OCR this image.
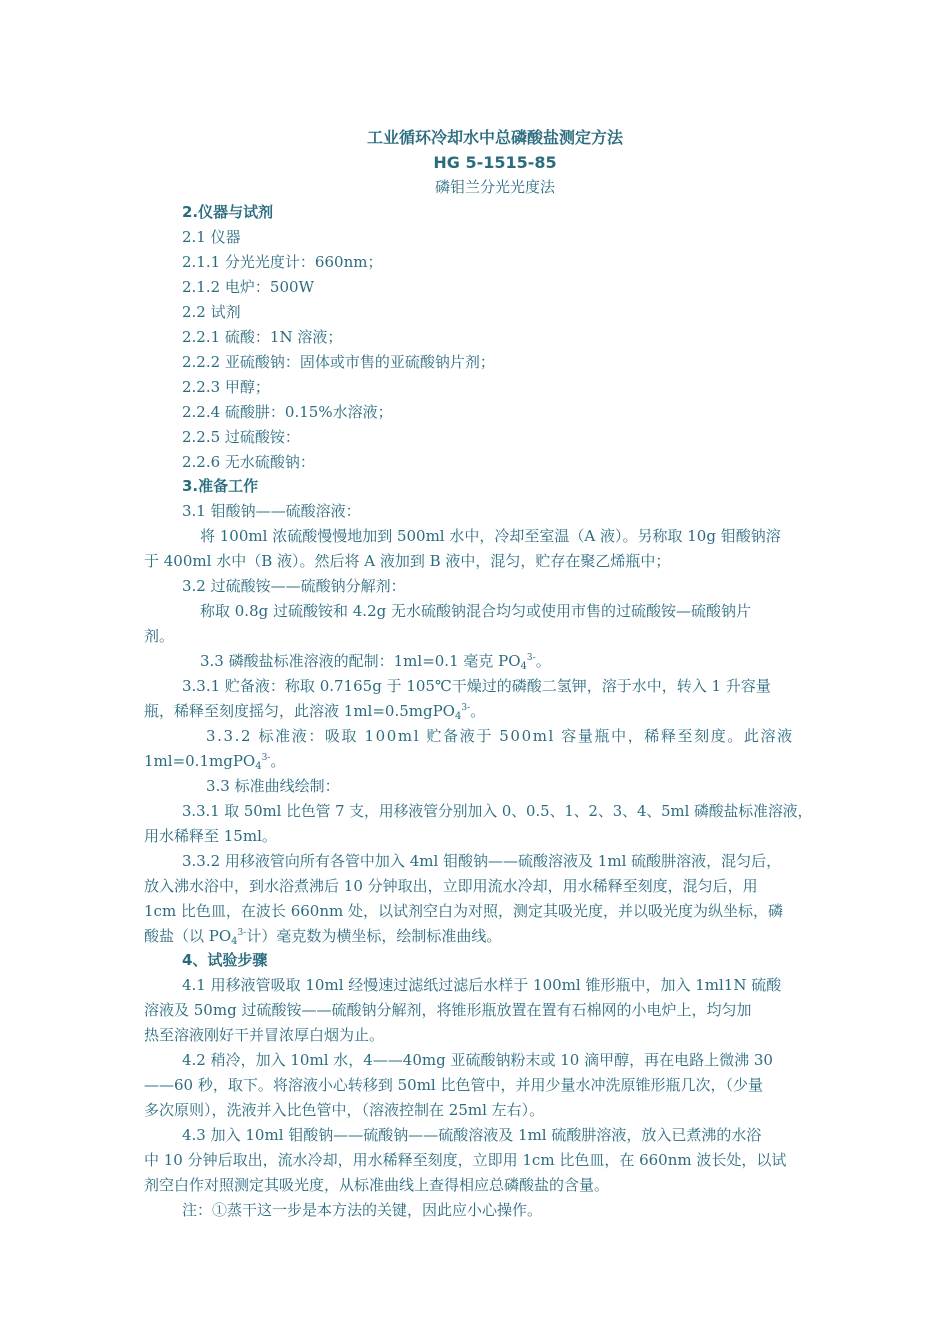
工业循环冷却水中总磷酸盐测定方法
HG 5-1515-85
磷钼兰分光光度法
2.仪器与试剂
2.1 仪器
2.1.1 分光光度计：660nm；
2.1.2 电炉：500W
2.2 试剂
2.2.1 硫酸：1N 溶液；
2.2.2 亚硫酸钠：固体或市售的亚硫酸钠片剂；
2.2.3 甲醇；
2.2.4 硫酸肼：0.15%水溶液；
2.2.5 过硫酸铵：
2.2.6 无水硫酸钠：
3.准备工作
3.1 钼酸钠——硫酸溶液：
将 100ml 浓硫酸慢慢地加到 500ml 水中，冷却至室温（A 液）。另称取 10g 钼酸钠溶
于 400ml 水中（B 液）。然后将 A 液加到 B 液中，混匀，贮存在聚乙烯瓶中；
3.2 过硫酸铵——硫酸钠分解剂：
称取 0.8g 过硫酸铵和 4.2g 无水硫酸钠混合均匀或使用市售的过硫酸铵—硫酸钠片
剂。
3.3 磷酸盐标准溶液的配制：1ml=0.1 毫克 $PO_4^{3-}$。
3.3.1 贮备液：称取 0.7165g 于 105℃干燥过的磷酸二氢钾，溶于水中，转入 1 升容量
瓶，稀释至刻度摇匀，此溶液 1ml=0.5mgPO$_4^{3-}$。
3.3.2 标准液：吸取 100ml 贮备液于 500ml 容量瓶中，稀释至刻度。此溶液
1ml=0.1mgPO$_4^{3-}$。
3.3 标准曲线绘制：
3.3.1 取 50ml 比色管 7 支，用移液管分别加入 0、0.5、1、2、3、4、5ml 磷酸盐标准溶液，
用水稀释至 15ml。
3.3.2 用移液管向所有各管中加入 4ml 钼酸钠——硫酸溶液及 1ml 硫酸肼溶液，混匀后，
放入沸水浴中，到水浴煮沸后 10 分钟取出，立即用流水冷却，用水稀释至刻度，混匀后，用
1cm 比色皿，在波长 660nm 处，以试剂空白为对照，测定其吸光度，并以吸光度为纵坐标，磷
酸盐（以 $PO_4^{3-}$计）毫克数为横坐标，绘制标准曲线。
4、试验步骤
4.1 用移液管吸取 10ml 经慢速过滤纸过滤后水样于 100ml 锥形瓶中，加入 1ml1N 硫酸
溶液及 50mg 过硫酸铵——硫酸钠分解剂，将锥形瓶放置在置有石棉网的小电炉上，均匀加
热至溶液刚好干并冒浓厚白烟为止。
4.2 稍冷，加入 10ml 水，4——40mg 亚硫酸钠粉末或 10 滴甲醇，再在电路上微沸 30
——60 秒，取下。将溶液小心转移到 50ml 比色管中，并用少量水冲洗原锥形瓶几次，（少量
多次原则），洗液并入比色管中，（溶液控制在 25ml 左右）。
4.3 加入 10ml 钼酸钠——硫酸钠——硫酸溶液及 1ml 硫酸肼溶液，放入已煮沸的水浴
中 10 分钟后取出，流水冷却，用水稀释至刻度，立即用 1cm 比色皿，在 660nm 波长处，以试
剂空白作对照测定其吸光度，从标准曲线上查得相应总磷酸盐的含量。
注：①蒸干这一步是本方法的关键，因此应小心操作。
